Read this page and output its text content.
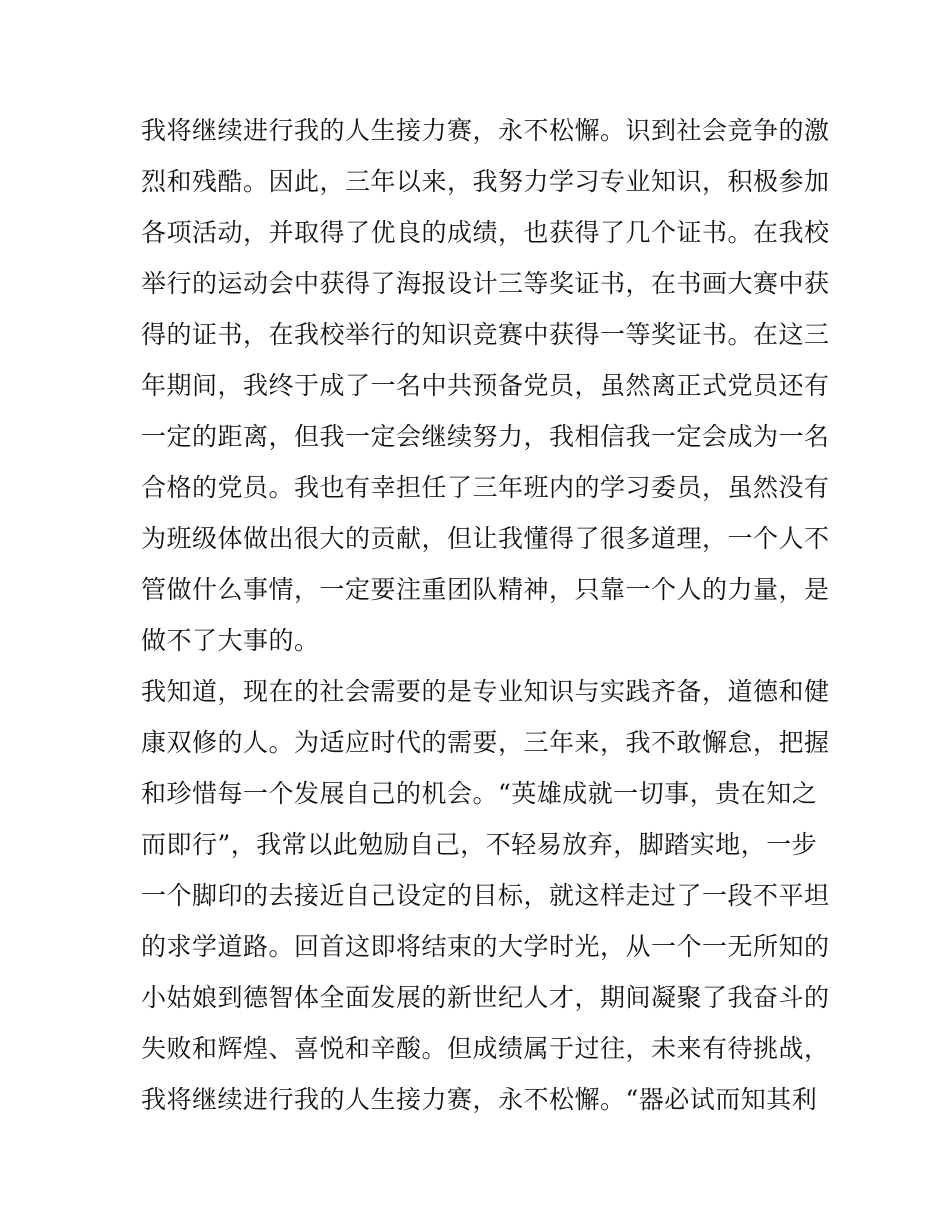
我将继续进行我的人生接力赛，永不松懈。识到社会竞争的激
烈和残酷。因此，三年以来，我努力学习专业知识，积极参加
各项活动，并取得了优良的成绩，也获得了几个证书。在我校
举行的运动会中获得了海报设计三等奖证书，在书画大赛中获
得的证书，在我校举行的知识竞赛中获得一等奖证书。在这三
年期间，我终于成了一名中共预备党员，虽然离正式党员还有
一定的距离，但我一定会继续努力，我相信我一定会成为一名
合格的党员。我也有幸担任了三年班内的学习委员，虽然没有
为班级体做出很大的贡献，但让我懂得了很多道理，一个人不
管做什么事情，一定要注重团队精神，只靠一个人的力量，是
做不了大事的。
我知道，现在的社会需要的是专业知识与实践齐备，道德和健
康双修的人。为适应时代的需要，三年来，我不敢懈怠，把握
和珍惜每一个发展自己的机会。“英雄成就一切事，贵在知之
而即行”，我常以此勉励自己，不轻易放弃，脚踏实地，一步
一个脚印的去接近自己设定的目标，就这样走过了一段不平坦
的求学道路。回首这即将结束的大学时光，从一个一无所知的
小姑娘到德智体全面发展的新世纪人才，期间凝聚了我奋斗的
失败和辉煌、喜悦和辛酸。但成绩属于过往，未来有待挑战，
我将继续进行我的人生接力赛，永不松懈。“器必试而知其利
